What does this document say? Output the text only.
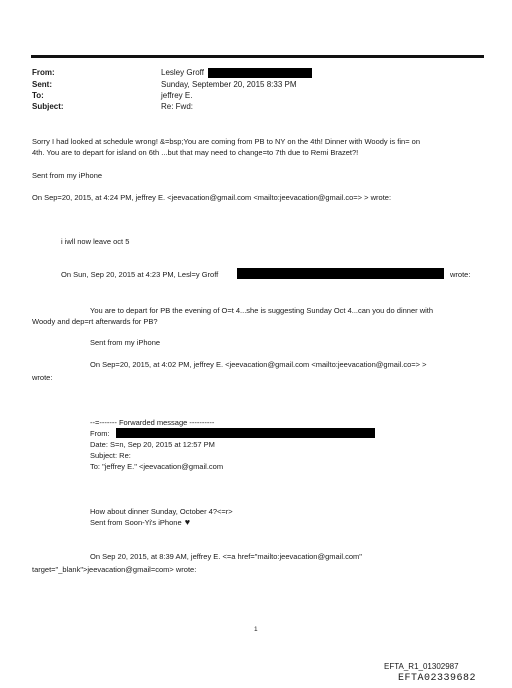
From:
Sent:
To:
Subject:
Lesley Groff
Sunday, September 20, 2015 8:33 PM
jeffrey E.
Re: Fwd:
Sorry I had looked at schedule wrong! &=bsp;You are coming from PB to NY on the 4th! Dinner with Woody is fin= on
4th. You are to depart for island on 6th ...but that may need to change=to 7th due to Remi Brazet?!
Sent from my iPhone
On Sep=20, 2015, at 4:24 PM, jeffrey E. <jeevacation@gmail.com <mailto:jeevacation@gmail.co=> > wrote:
i iwll now leave oct 5
On Sun, Sep 20, 2015 at 4:23 PM, Lesl=y Groff	wrote:
You are to depart for PB the evening of O=t 4...she is suggesting Sunday Oct 4...can you do dinner with
Woody and dep=rt afterwards for PB?
Sent from my iPhone
On Sep=20, 2015, at 4:02 PM, jeffrey E. <jeevacation@gmail.com <mailto:jeevacation@gmail.co=> >
wrote:
--=------- Forwarded message ----------
From:
Date: S=n, Sep 20, 2015 at 12:57 PM
Subject: Re:
To: "jeffrey E." <jeevacation@gmail.com
How about dinner Sunday, October 4?<=r>
Sent from Soon-Yi's iPhone ♥
On Sep 20, 2015, at 8:39 AM, jeffrey E. <=a href="mailto:jeevacation@gmail.com"
target="_blank">jeevacation@gmail=com> wrote:
1
EFTA_R1_01302987
EFTA02339682
